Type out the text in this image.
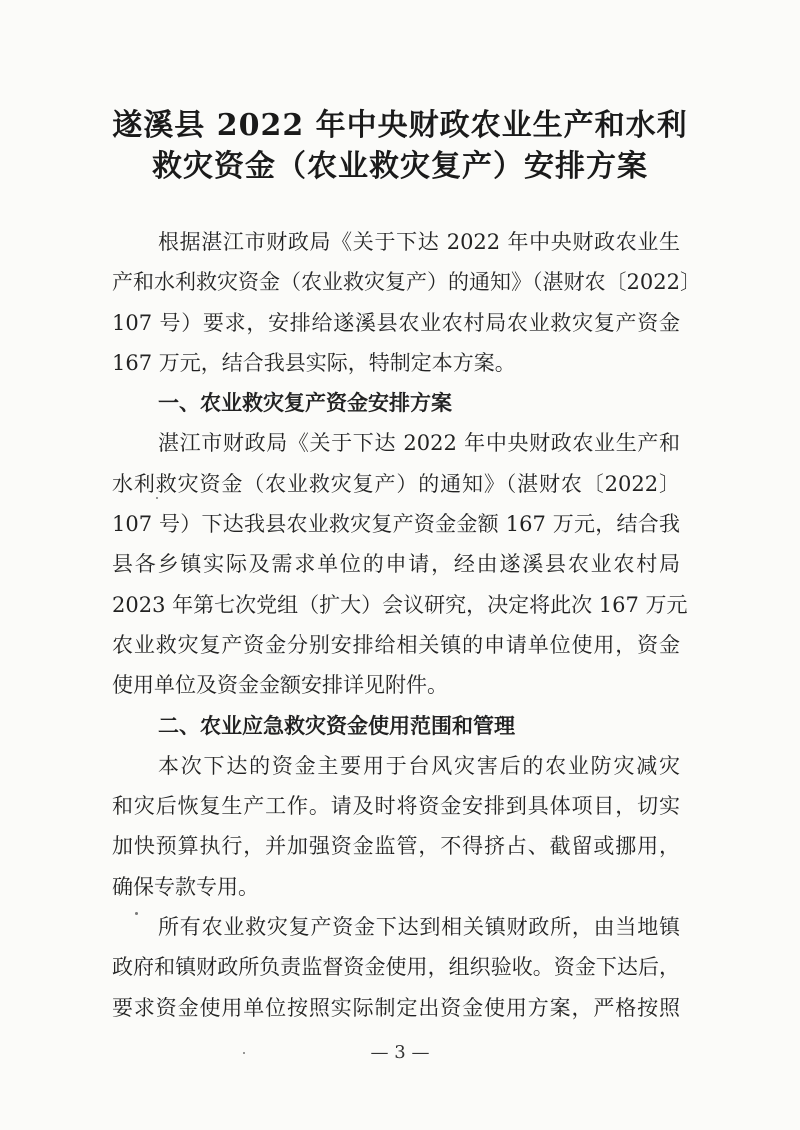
遂溪县 2022 年中央财政农业生产和水利
救灾资金（农业救灾复产）安排方案
根据湛江市财政局《关于下达 2022 年中央财政农业生
产和水利救灾资金（农业救灾复产）的通知》（湛财农〔2022〕
107 号）要求，安排给遂溪县农业农村局农业救灾复产资金
167 万元，结合我县实际，特制定本方案。
一、农业救灾复产资金安排方案
湛江市财政局《关于下达 2022 年中央财政农业生产和
水利救灾资金（农业救灾复产）的通知》（湛财农〔2022〕
107 号）下达我县农业救灾复产资金金额 167 万元，结合我
县各乡镇实际及需求单位的申请，经由遂溪县农业农村局
2023 年第七次党组（扩大）会议研究，决定将此次 167 万元
农业救灾复产资金分别安排给相关镇的申请单位使用，资金
使用单位及资金金额安排详见附件。
二、农业应急救灾资金使用范围和管理
本次下达的资金主要用于台风灾害后的农业防灾减灾
和灾后恢复生产工作。请及时将资金安排到具体项目，切实
加快预算执行，并加强资金监管，不得挤占、截留或挪用，
确保专款专用。
所有农业救灾复产资金下达到相关镇财政所，由当地镇
政府和镇财政所负责监督资金使用，组织验收。资金下达后，
要求资金使用单位按照实际制定出资金使用方案，严格按照
— 3 —
